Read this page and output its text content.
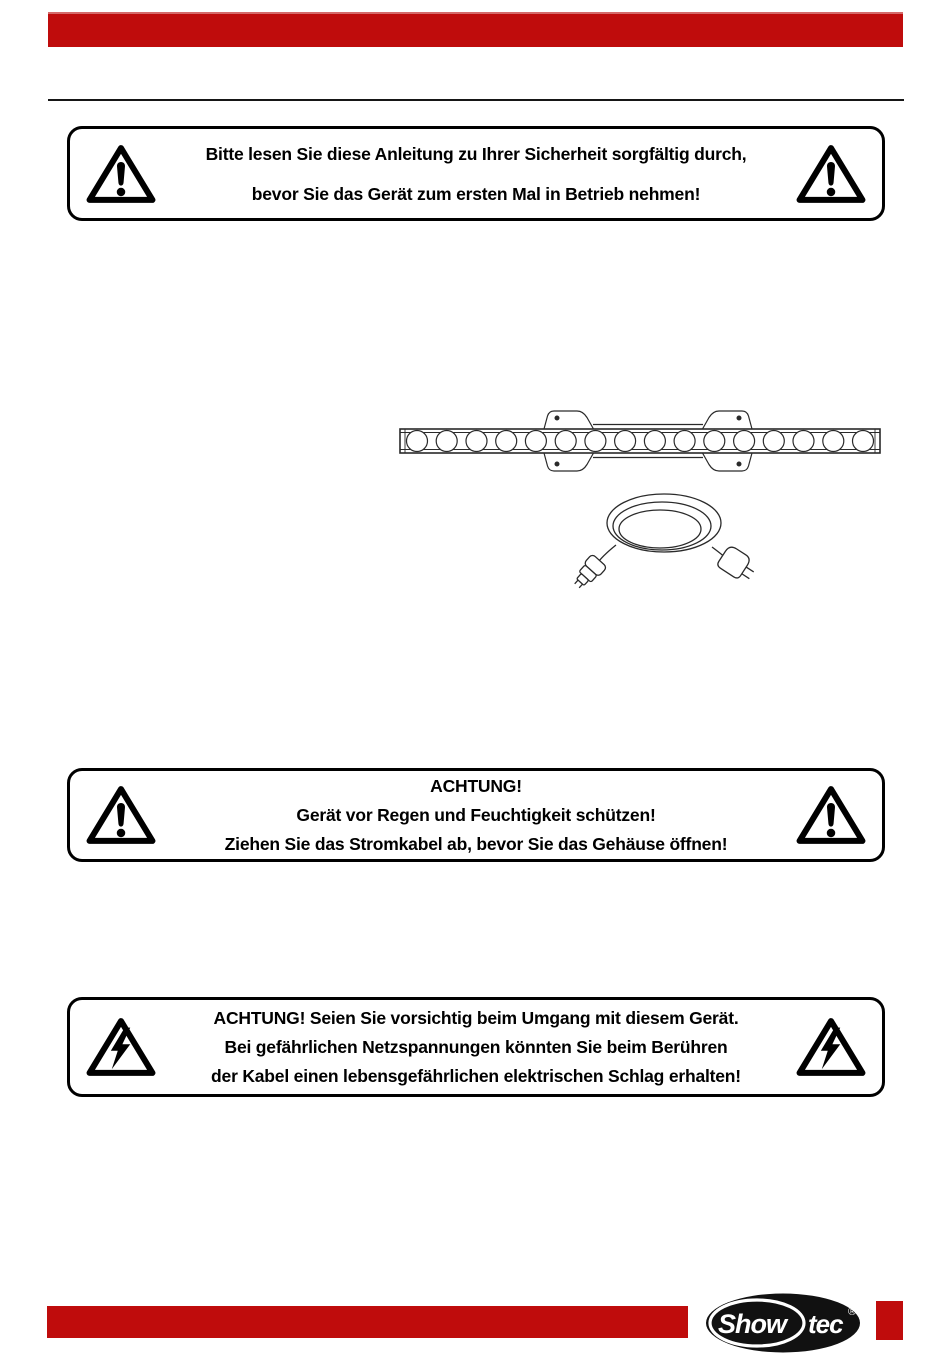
Bitte lesen Sie diese Anleitung zu Ihrer Sicherheit sorgfältig durch,
bevor Sie das Gerät zum ersten Mal in Betrieb nehmen!
ACHTUNG!
Gerät vor Regen und Feuchtigkeit schützen!
Ziehen Sie das Stromkabel ab, bevor Sie das Gehäuse öffnen!
ACHTUNG! Seien Sie vorsichtig beim Umgang mit diesem Gerät.
Bei gefährlichen Netzspannungen könnten Sie beim Berühren
der Kabel einen lebensgefährlichen elektrischen Schlag erhalten!
Show tec ®
